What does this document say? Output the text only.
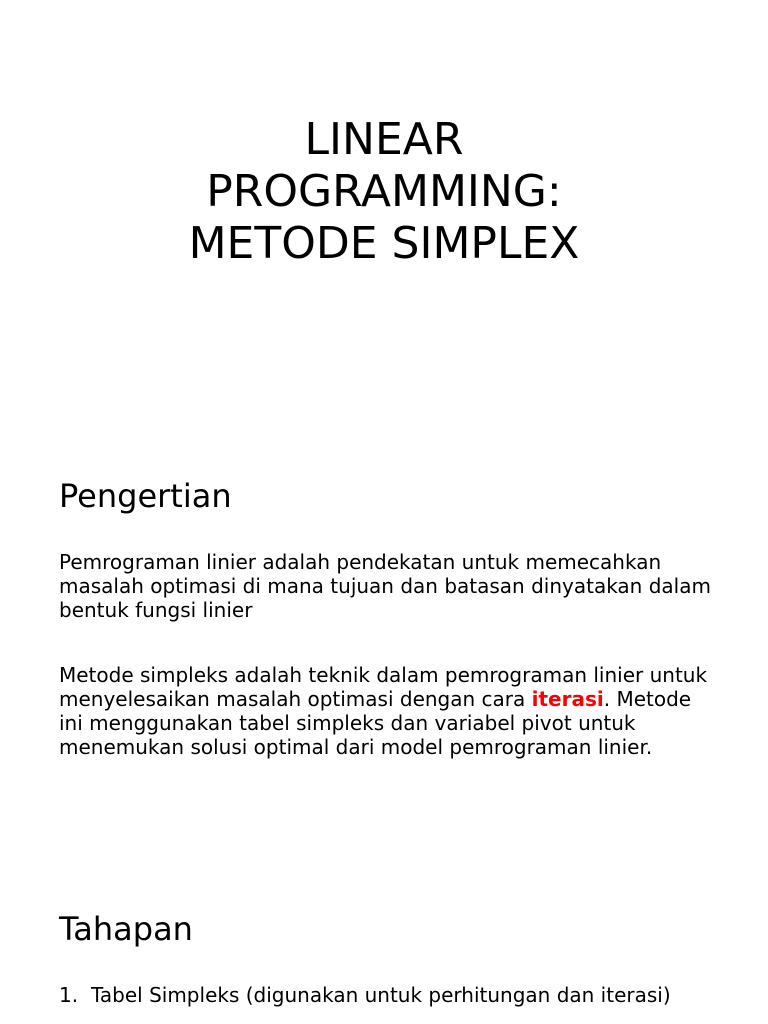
LINEAR
PROGRAMMING:
METODE SIMPLEX
Pengertian

Pemrograman linier adalah pendekatan untuk memecahkan masalah optimasi di mana tujuan dan batasan dinyatakan dalam bentuk fungsi linier

Metode simpleks adalah teknik dalam pemrograman linier untuk menyelesaikan masalah optimasi dengan cara iterasi. Metode ini menggunakan tabel simpleks dan variabel pivot untuk menemukan solusi optimal dari model pemrograman linier.

Tahapan
1. Tabel Simpleks (digunakan untuk perhitungan dan iterasi)
